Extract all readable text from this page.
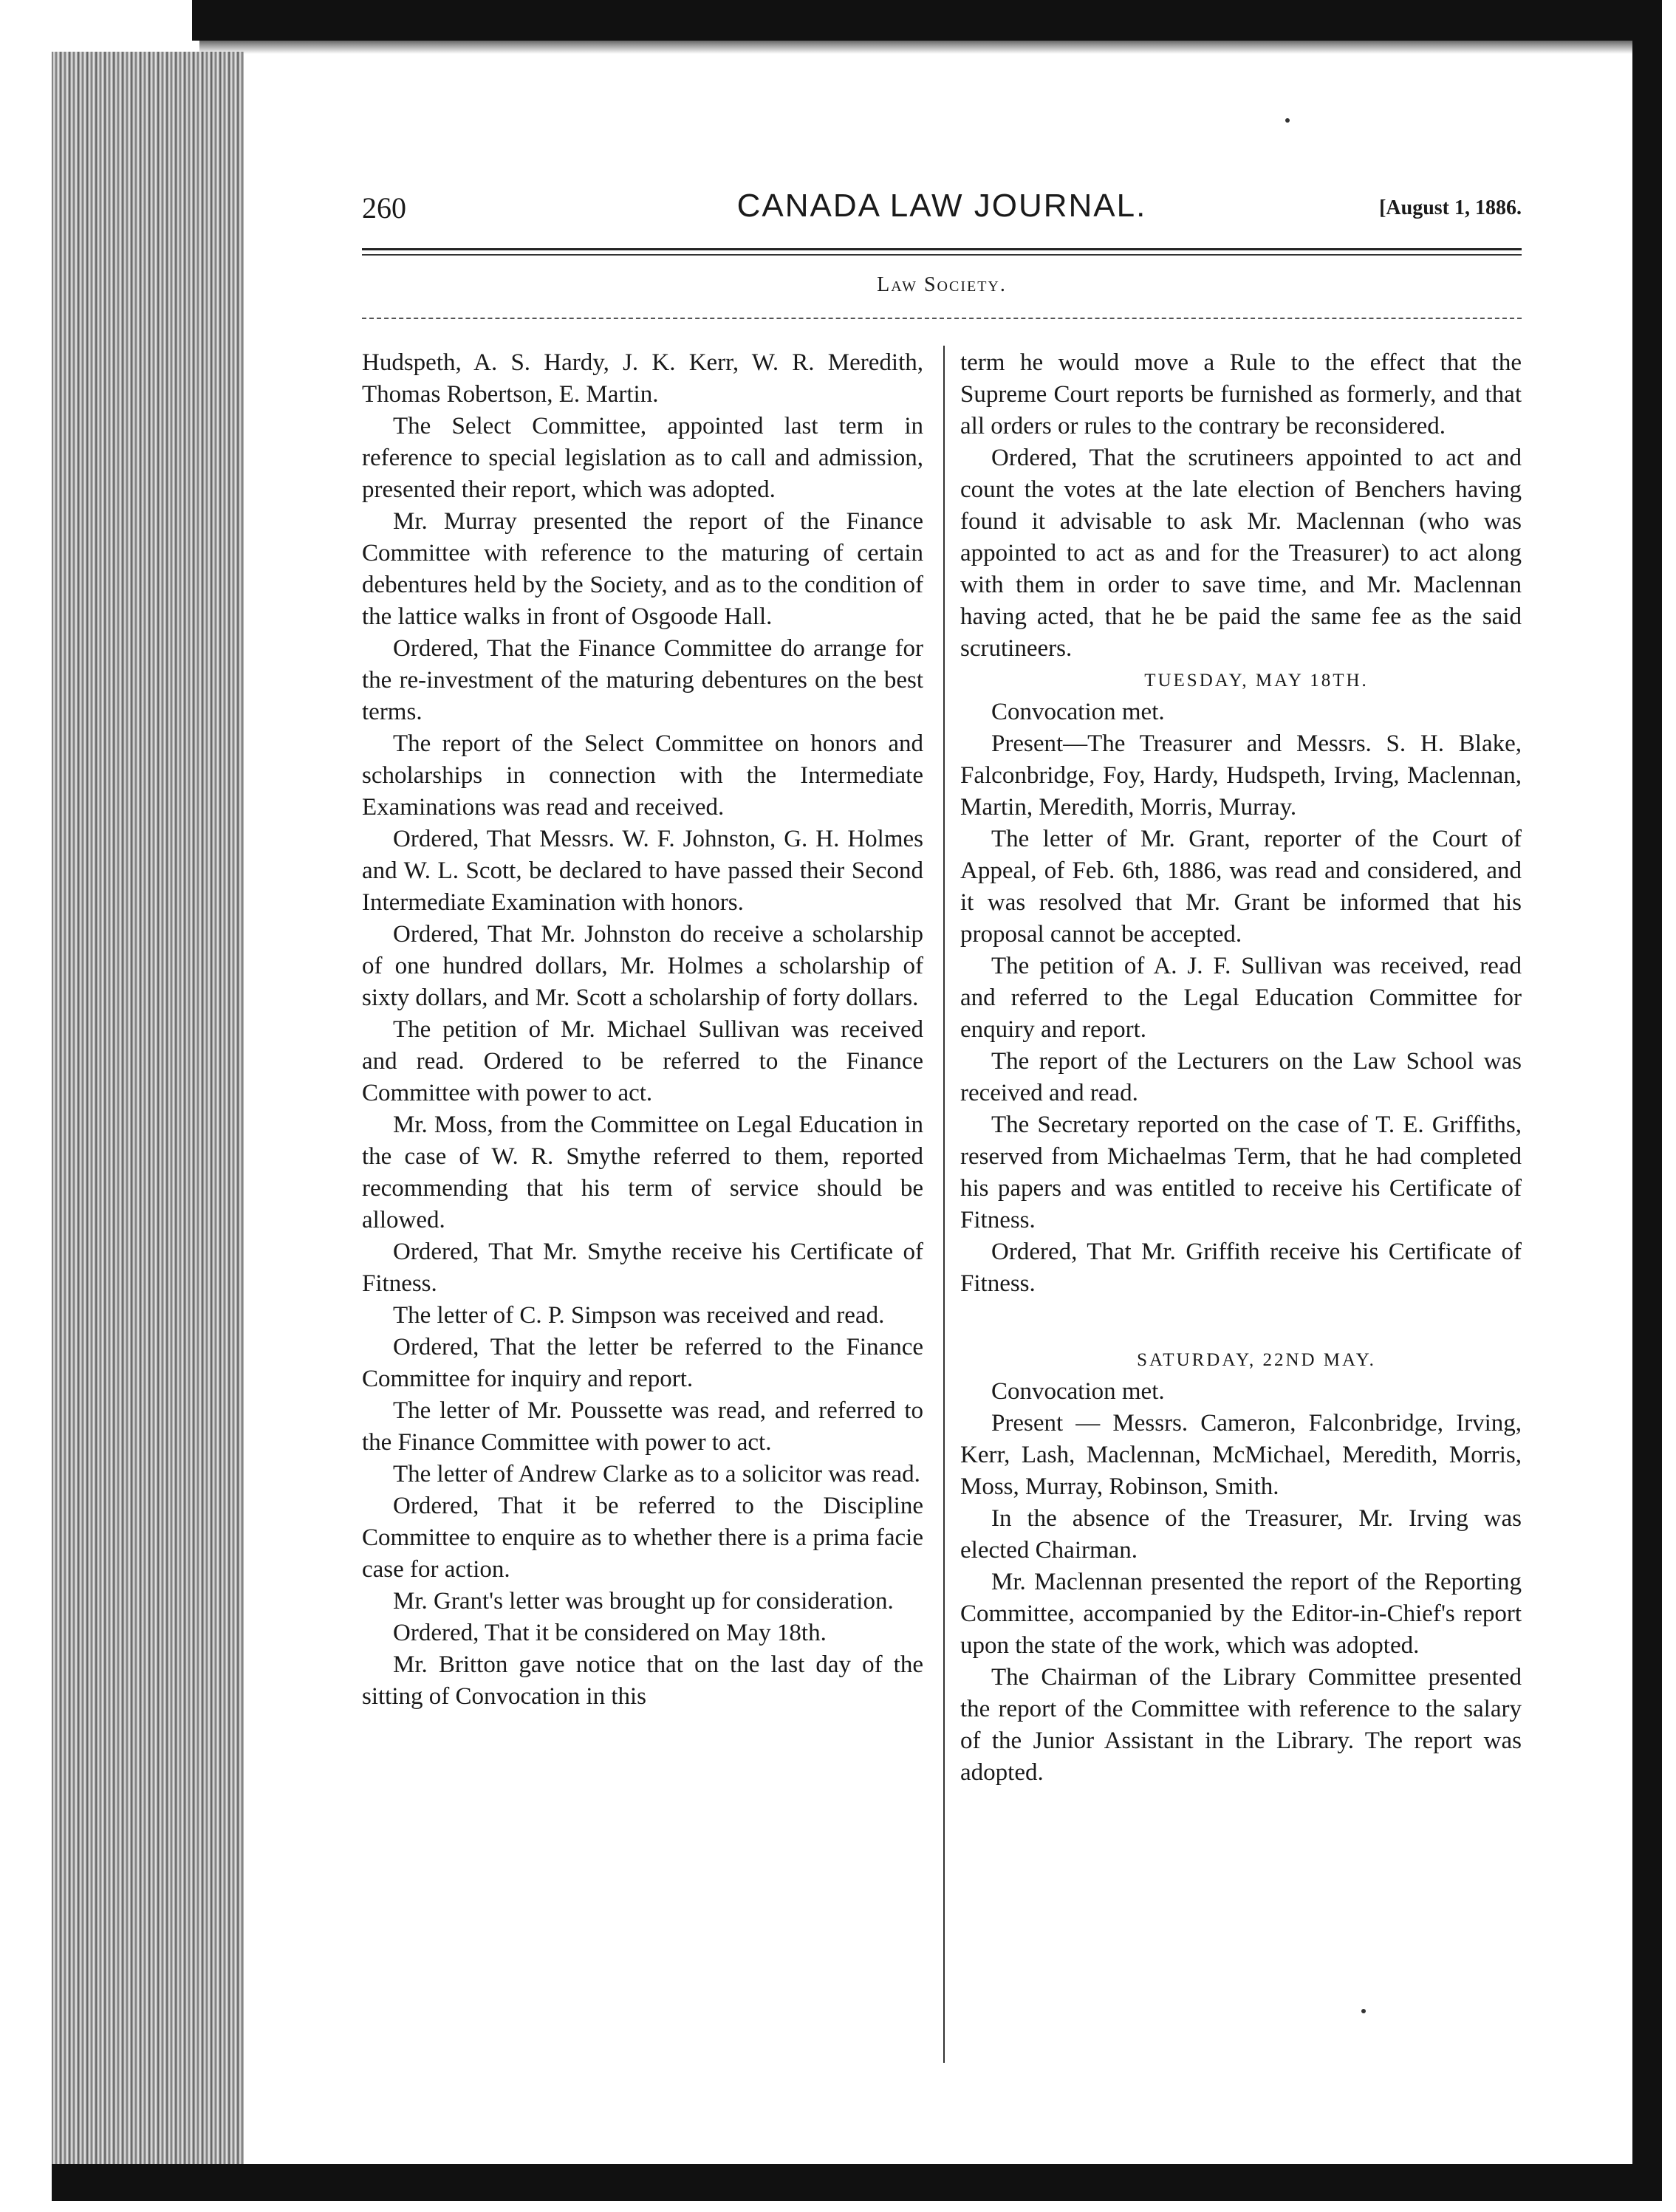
260	CANADA LAW JOURNAL.	[August 1, 1886.
Law Society.

Hudspeth, A. S. Hardy, J. K. Kerr, W. R. Meredith, Thomas Robertson, E. Martin.

The Select Committee, appointed last term in reference to special legislation as to call and admission, presented their report, which was adopted.

Mr. Murray presented the report of the Finance Committee with reference to the maturing of certain debentures held by the Society, and as to the condition of the lattice walks in front of Osgoode Hall.

Ordered, That the Finance Committee do arrange for the re-investment of the maturing debentures on the best terms.

The report of the Select Committee on honors and scholarships in connection with the Intermediate Examinations was read and received.

Ordered, That Messrs. W. F. Johnston, G. H. Holmes and W. L. Scott, be declared to have passed their Second Intermediate Examination with honors.

Ordered, That Mr. Johnston do receive a scholarship of one hundred dollars, Mr. Holmes a scholarship of sixty dollars, and Mr. Scott a scholarship of forty dollars.

The petition of Mr. Michael Sullivan was received and read. Ordered to be referred to the Finance Committee with power to act.

Mr. Moss, from the Committee on Legal Education in the case of W. R. Smythe referred to them, reported recommending that his term of service should be allowed.

Ordered, That Mr. Smythe receive his Certificate of Fitness.

The letter of C. P. Simpson was received and read.

Ordered, That the letter be referred to the Finance Committee for inquiry and report.

The letter of Mr. Poussette was read, and referred to the Finance Committee with power to act.

The letter of Andrew Clarke as to a solicitor was read.

Ordered, That it be referred to the Discipline Committee to enquire as to whether there is a prima facie case for action.

Mr. Grant's letter was brought up for consideration.

Ordered, That it be considered on May 18th.

Mr. Britton gave notice that on the last day of the sitting of Convocation in this

term he would move a Rule to the effect that the Supreme Court reports be furnished as formerly, and that all orders or rules to the contrary be reconsidered.

Ordered, That the scrutineers appointed to act and count the votes at the late election of Benchers having found it advisable to ask Mr. Maclennan (who was appointed to act as and for the Treasurer) to act along with them in order to save time, and Mr. Maclennan having acted, that he be paid the same fee as the said scrutineers.

TUESDAY, MAY 18TH.

Convocation met.

Present—The Treasurer and Messrs. S. H. Blake, Falconbridge, Foy, Hardy, Hudspeth, Irving, Maclennan, Martin, Meredith, Morris, Murray.

The letter of Mr. Grant, reporter of the Court of Appeal, of Feb. 6th, 1886, was read and considered, and it was resolved that Mr. Grant be informed that his proposal cannot be accepted.

The petition of A. J. F. Sullivan was received, read and referred to the Legal Education Committee for enquiry and report.

The report of the Lecturers on the Law School was received and read.

The Secretary reported on the case of T. E. Griffiths, reserved from Michaelmas Term, that he had completed his papers and was entitled to receive his Certificate of Fitness.

Ordered, That Mr. Griffith receive his Certificate of Fitness.

SATURDAY, 22ND MAY.

Convocation met.

Present — Messrs. Cameron, Falconbridge, Irving, Kerr, Lash, Maclennan, McMichael, Meredith, Morris, Moss, Murray, Robinson, Smith.

In the absence of the Treasurer, Mr. Irving was elected Chairman.

Mr. Maclennan presented the report of the Reporting Committee, accompanied by the Editor-in-Chief's report upon the state of the work, which was adopted.

The Chairman of the Library Committee presented the report of the Committee with reference to the salary of the Junior Assistant in the Library. The report was adopted.
